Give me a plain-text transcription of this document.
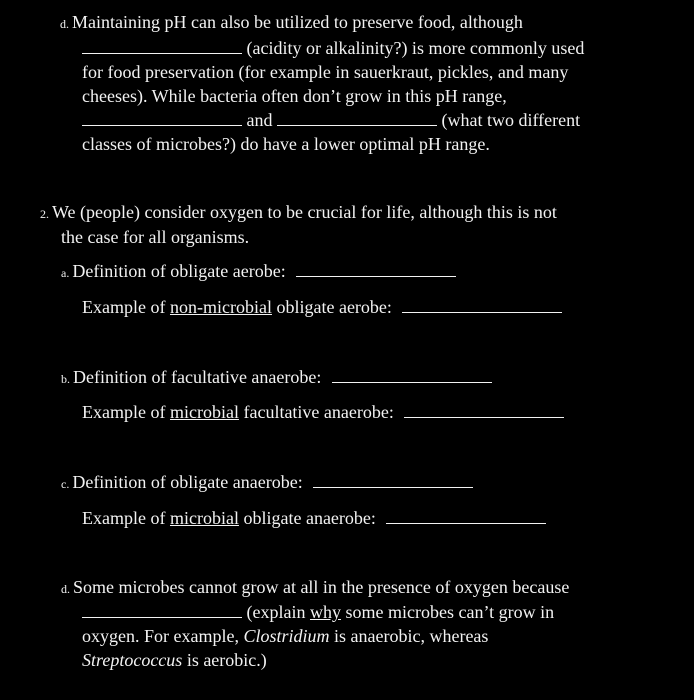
d. Maintaining pH can also be utilized to preserve food, although
(acidity or alkalinity?) is more commonly used
for food preservation (for example in sauerkraut, pickles, and many
cheeses). While bacteria often don’t grow in this pH range,
and	(what two different
classes of microbes?) do have a lower optimal pH range.
2. We (people) consider oxygen to be crucial for life, although this is not
the case for all organisms.
a. Definition of obligate aerobe:
Example of non-microbial obligate aerobe:
b. Definition of facultative anaerobe:
Example of microbial facultative anaerobe:
c. Definition of obligate anaerobe:
Example of microbial obligate anaerobe:
d. Some microbes cannot grow at all in the presence of oxygen because
(explain why some microbes can’t grow in
oxygen. For example, Clostridium is anaerobic, whereas
Streptococcus is aerobic.)
